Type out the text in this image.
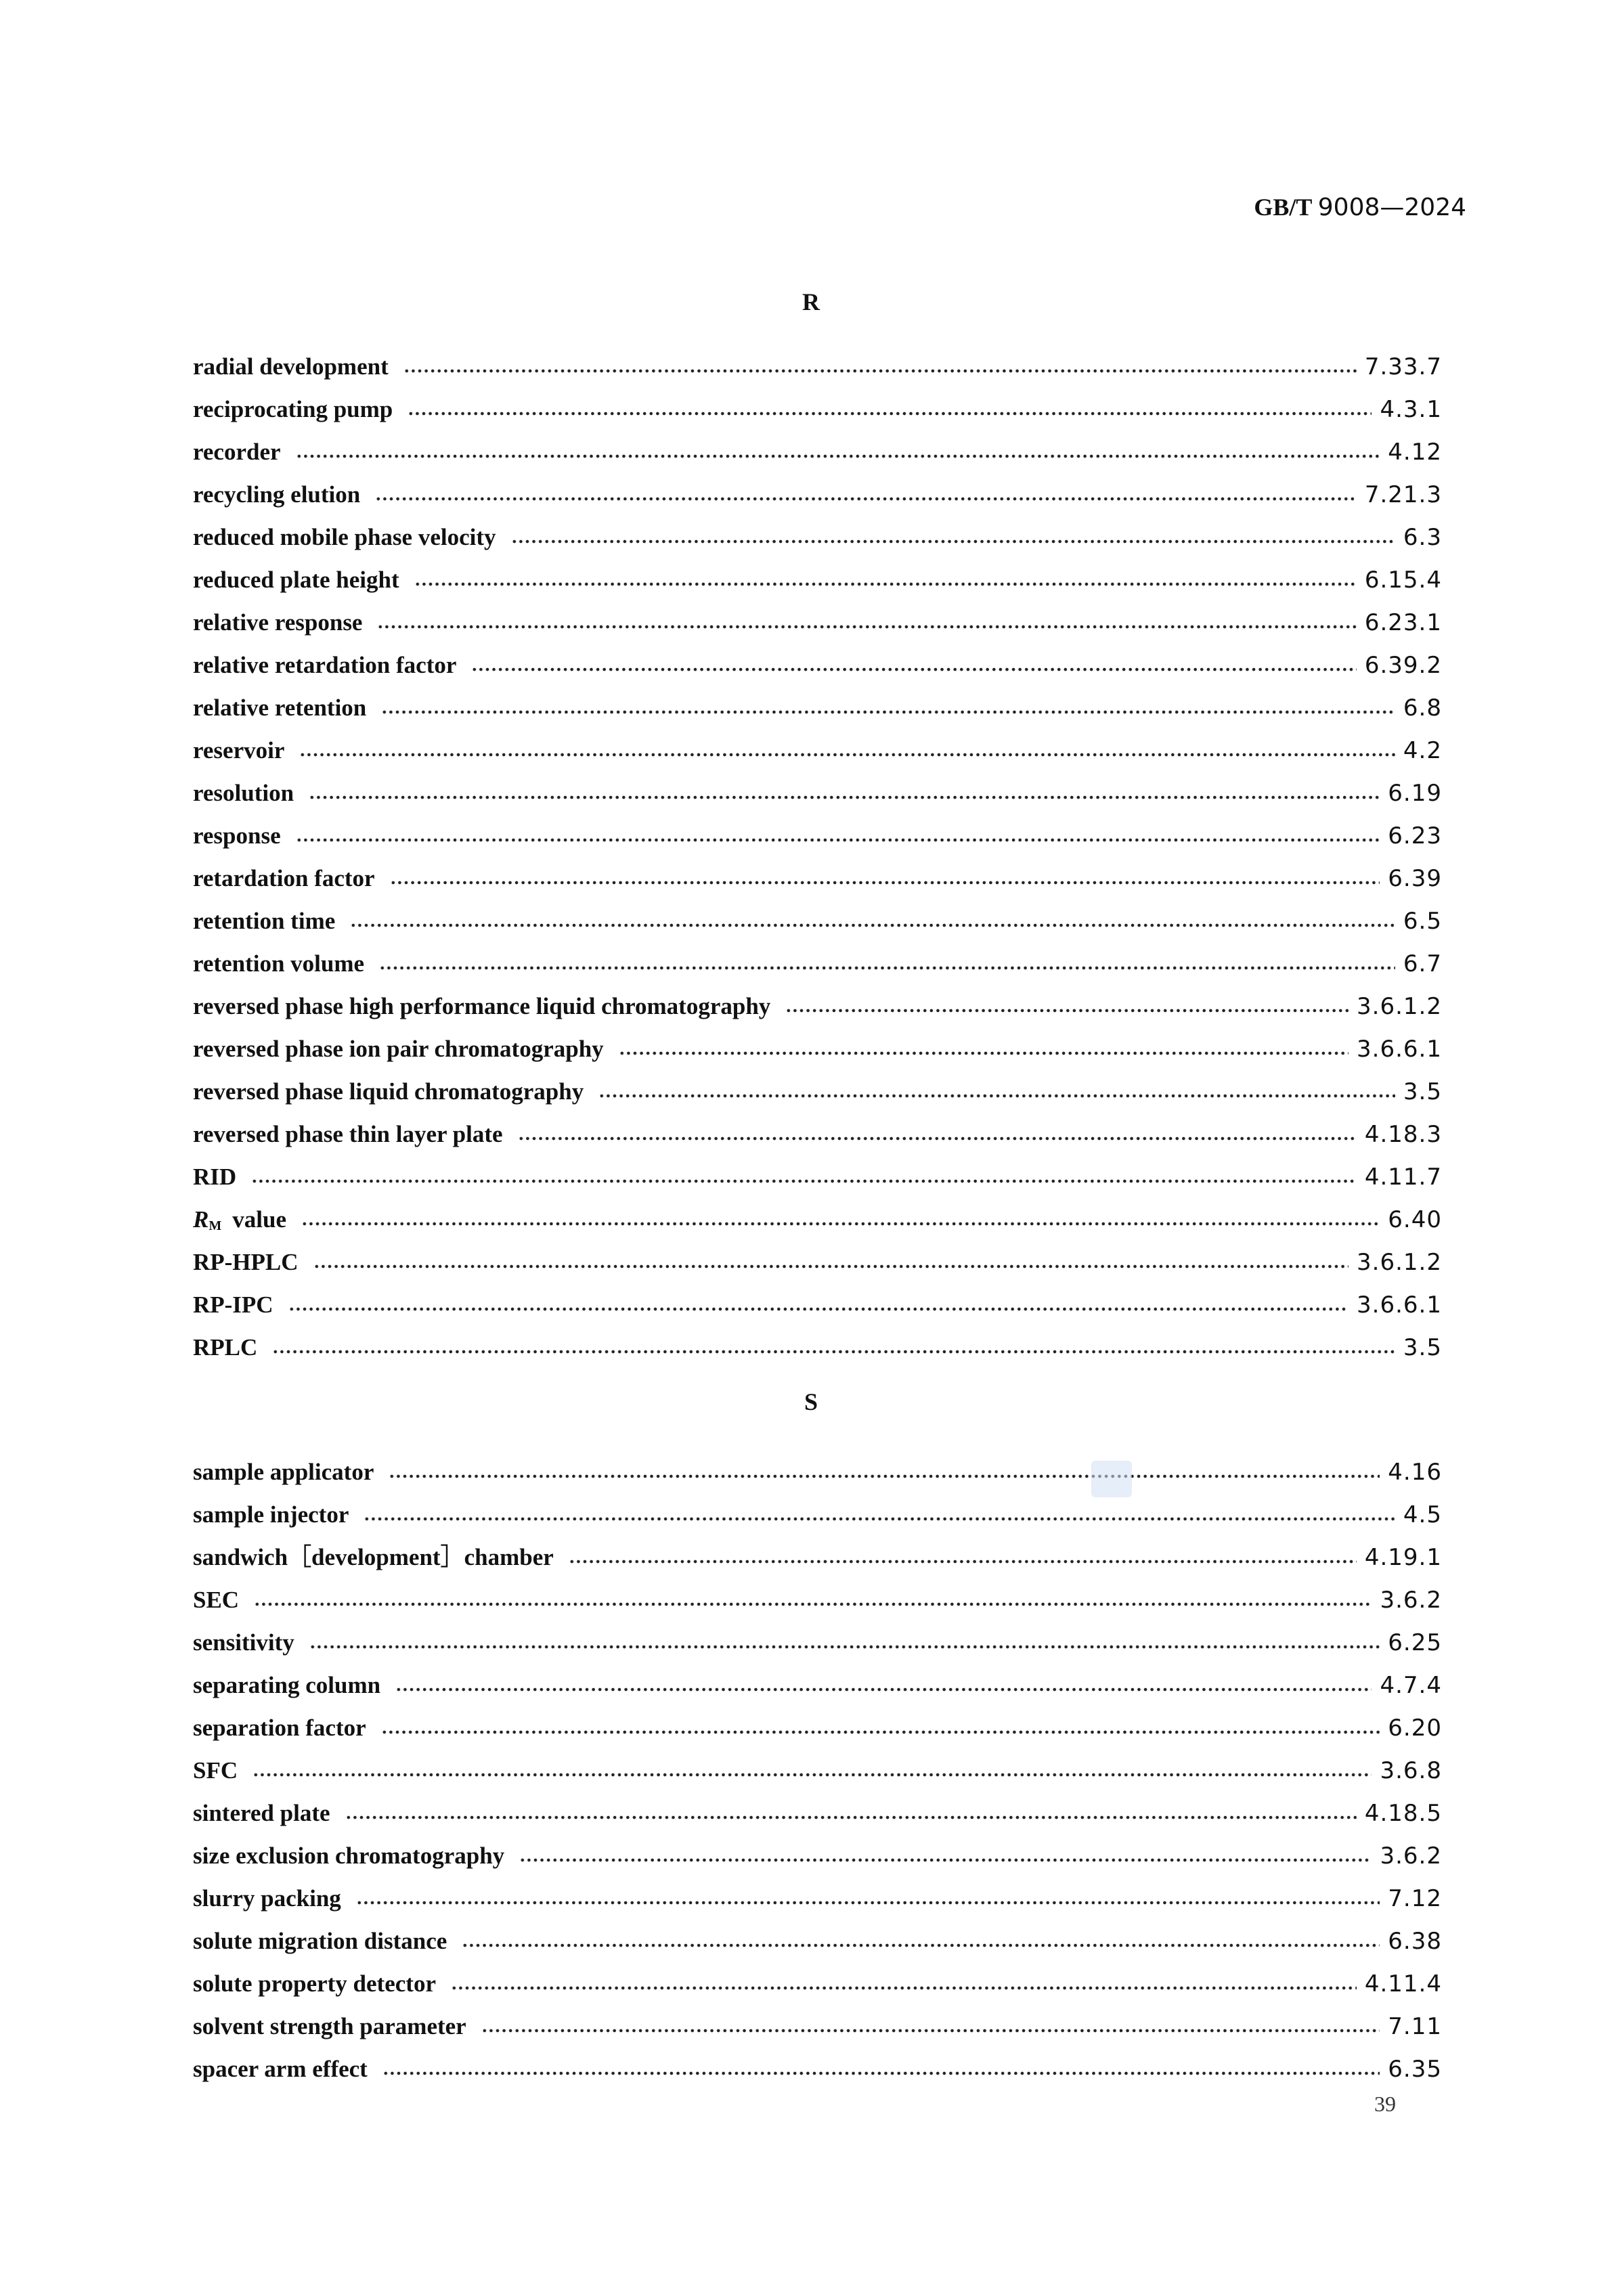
GB/T 9008—2024
R
radial development	7.33.7
reciprocating pump	4.3.1
recorder	4.12
recycling elution	7.21.3
reduced mobile phase velocity	6.3
reduced plate height	6.15.4
relative response	6.23.1
relative retardation factor	6.39.2
relative retention	6.8
reservoir	4.2
resolution	6.19
response	6.23
retardation factor	6.39
retention time	6.5
retention volume	6.7
reversed phase high performance liquid chromatography	3.6.1.2
reversed phase ion pair chromatography	3.6.6.1
reversed phase liquid chromatography	3.5
reversed phase thin layer plate	4.18.3
RID	4.11.7
$R_M$ value	6.40
RP-HPLC	3.6.1.2
RP-IPC	3.6.6.1
RPLC	3.5
S
sample applicator	4.16
sample injector	4.5
sandwich［development］chamber	4.19.1
SEC	3.6.2
sensitivity	6.25
separating column	4.7.4
separation factor	6.20
SFC	3.6.8
sintered plate	4.18.5
size exclusion chromatography	3.6.2
slurry packing	7.12
solute migration distance	6.38
solute property detector	4.11.4
solvent strength parameter	7.11
spacer arm effect	6.35
39
